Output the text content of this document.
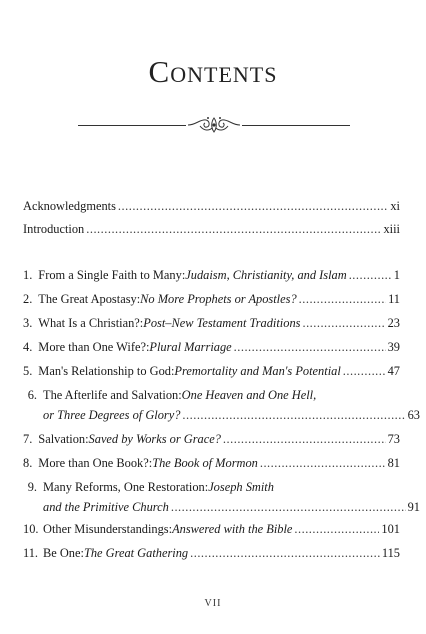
Contents
Acknowledgments .....	xi
Introduction .....	xiii
1. From a Single Faith to Many: Judaism, Christianity, and Islam .....	1
2. The Great Apostasy: No More Prophets or Apostles? .....	11
3. What Is a Christian?: Post–New Testament Traditions .....	23
4. More than One Wife?: Plural Marriage .....	39
5. Man's Relationship to God: Premortality and Man's Potential .....	47
6. The Afterlife and Salvation: One Heaven and One Hell,
or Three Degrees of Glory? .....	63
7. Salvation: Saved by Works or Grace? .....	73
8. More than One Book?: The Book of Mormon .....	81
9. Many Reforms, One Restoration: Joseph Smith
and the Primitive Church .....	91
10. Other Misunderstandings: Answered with the Bible .....	101
11. Be One: The Great Gathering .....	115
VII
